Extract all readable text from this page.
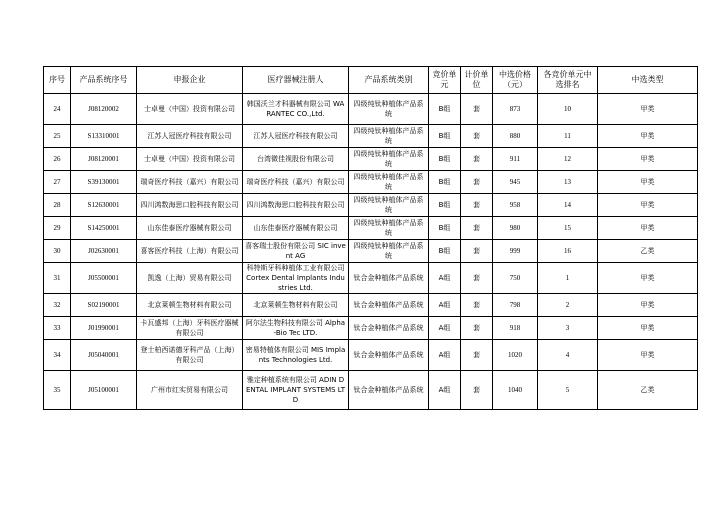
序号	产品系统序号	申报企业	医疗器械注册人	产品系统类别	竞价单元	计价单位	中选价格（元）	各竞价单元中选排名	中选类型
24	J08120002	士卓曼（中国）投资有限公司	韩国沃兰才科器械有限公司 WARANTEC CO.,Ltd.	四级纯钛种植体产品系统	B组	套	873	10	甲类
25	S13310001	江苏人冠医疗科技有限公司	江苏人冠医疗科技有限公司	四级纯钛种植体产品系统	B组	套	880	11	甲类
26	J08120001	士卓曼（中国）投资有限公司	台湾微佳视股份有限公司	四级纯钛种植体产品系统	B组	套	911	12	甲类
27	S39130001	瑞奇医疗科技（嘉兴）有限公司	瑞奇医疗科技（嘉兴）有限公司	四级纯钛种植体产品系统	B组	套	945	13	甲类
28	S12630001	四川鸿数海思口腔科技有限公司	四川鸿数海思口腔科技有限公司	四级纯钛种植体产品系统	B组	套	958	14	甲类
29	S14250001	山东佳泰医疗器械有限公司	山东佳泰医疗器械有限公司	四级纯钛种植体产品系统	B组	套	980	15	甲类
30	J02630001	喜客医疗科技（上海）有限公司	喜客瑞士股份有限公司 SIC invent AG	四级纯钛种植体产品系统	B组	套	999	16	乙类
31	J05500001	凯逸（上海）贸易有限公司	科特斯牙科种植体工业有限公司 Cortex Dental Implants Industries Ltd.	钛合金种植体产品系统	A组	套	750	1	甲类
32	S02190001	北京莱顿生物材料有限公司	北京莱顿生物材料有限公司	钛合金种植体产品系统	A组	套	798	2	甲类
33	J01990001	卡瓦盛邦（上海）牙科医疗器械有限公司	阿尔法生物科技有限公司 Alpha-Bio Tec LTD.	钛合金种植体产品系统	A组	套	918	3	甲类
34	J05040001	登士柏西诺德牙科产品（上海）有限公司	密易特植体有限公司 MIS Implants Technologies Ltd.	钛合金种植体产品系统	A组	套	1020	4	甲类
35	J05100001	广州市红实贸易有限公司	雅定种植系统有限公司 ADIN DENTAL IMPLANT SYSTEMS LTD	钛合金种植体产品系统	A组	套	1040	5	乙类
